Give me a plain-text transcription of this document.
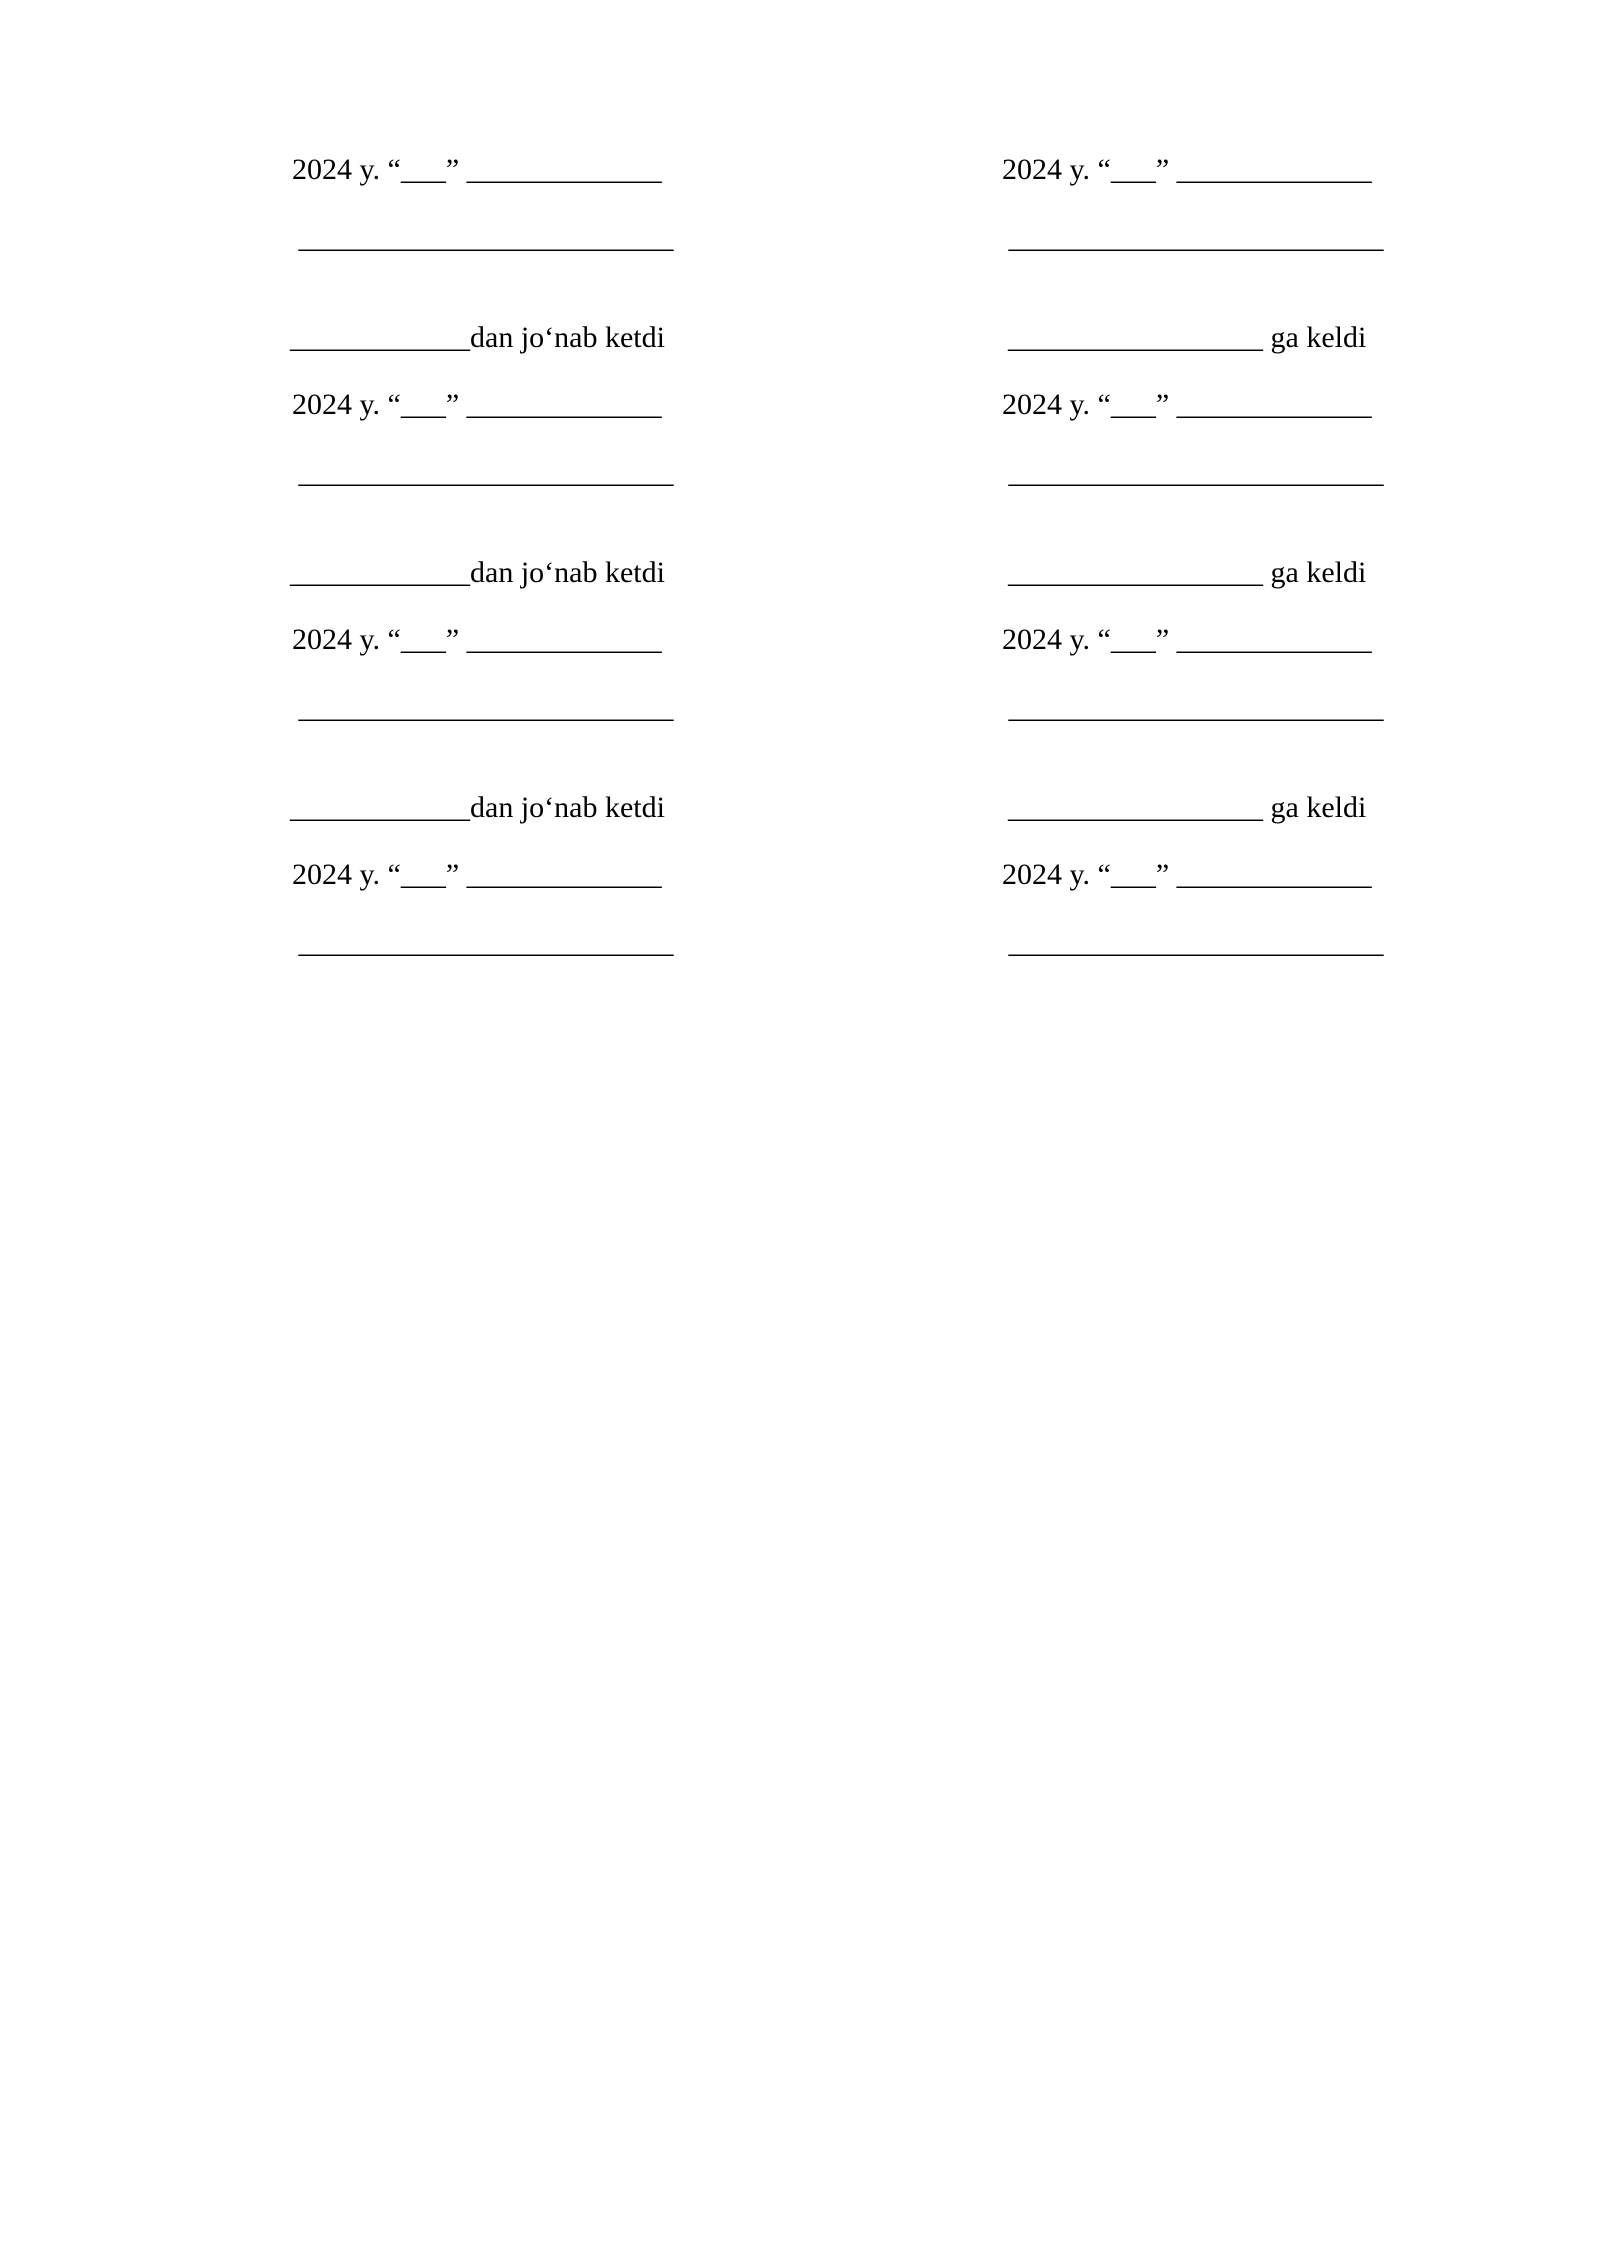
2024 y. “___” _____________
_________________________
____________dan jo‘nab ketdi
2024 y. “___” _____________
_________________________
____________dan jo‘nab ketdi
2024 y. “___” _____________
_________________________
____________dan jo‘nab ketdi
2024 y. “___” _____________
_________________________
2024 y. “___” _____________
_________________________
_________________ ga keldi
2024 y. “___” _____________
_________________________
_________________ ga keldi
2024 y. “___” _____________
_________________________
_________________ ga keldi
2024 y. “___” _____________
_________________________
